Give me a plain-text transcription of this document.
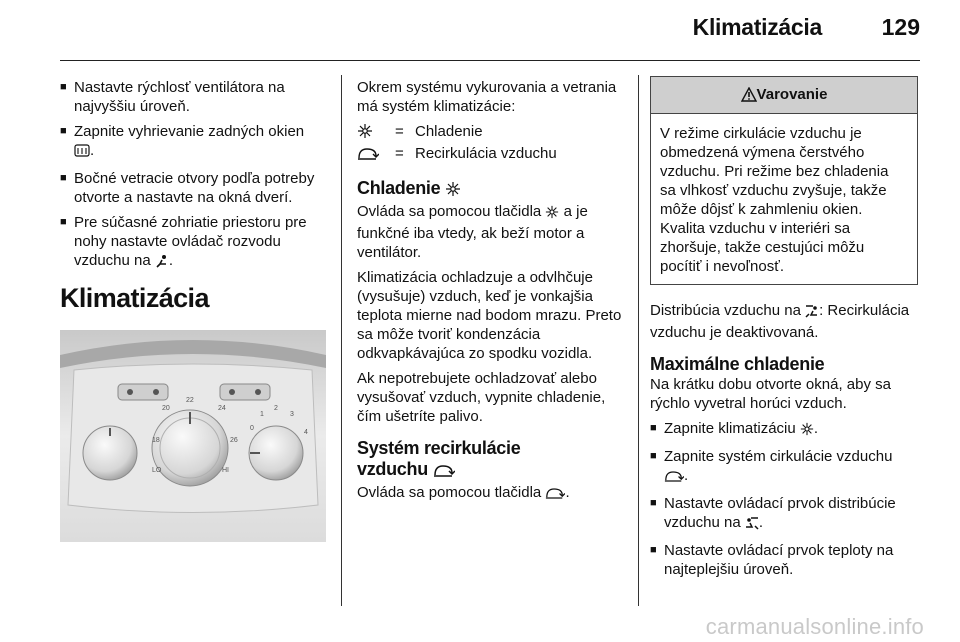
Klimatizácia	129
■ Nastavte rýchlosť ventilátora na najvyššiu úroveň.
■ Zapnite vyhrievanie zadných okien
.
■ Bočné vetracie otvory podľa potreby otvorte a nastavte na okná dverí.
■ Pre súčasné zohriatie priestoru pre nohy nastavte ovládač rozvodu vzduchu na .
Klimatizácia
22 20 18 24 26 HI 0 1 2 3 4 LO

Okrem systému vykurovania a vetrania má systém klimatizácie:

= Chladenie
= Recirkulácia vzduchu
Chladenie

Ovláda sa pomocou tlačidla a je funkčné iba vtedy, ak beží motor a ventilátor.

Klimatizácia ochladzuje a odvlhčuje (vysušuje) vzduch, keď je vonkajšia teplota mierne nad bodom mrazu. Preto sa môže tvoriť kondenzácia odkvapkávajúca zo spodku vozidla.

Ak nepotrebujete ochladzovať alebo vysušovať vzduch, vypnite chladenie, čím ušetríte palivo.

Systém recirkulácie
vzduchu

Ovláda sa pomocou tlačidla .

Varovanie
V režime cirkulácie vzduchu je obmedzená výmena čerstvého vzduchu. Pri režime bez chladenia sa vlhkosť vzduchu zvyšuje, takže môže dôjsť k zahmleniu okien. Kvalita vzduchu v interiéri sa zhoršuje, takže cestujúci môžu pocítiť i nevoľnosť.

Distribúcia vzduchu na : Recirkulácia vzduchu je deaktivovaná.

Maximálne chladenie

Na krátku dobu otvorte okná, aby sa rýchlo vyvetral horúci vzduch.

■ Zapnite klimatizáciu .
■ Zapnite systém cirkulácie vzduchu
.
■ Nastavte ovládací prvok distribúcie vzduchu na .
■ Nastavte ovládací prvok teploty na najteplejšiu úroveň.
carmanualsonline.info
